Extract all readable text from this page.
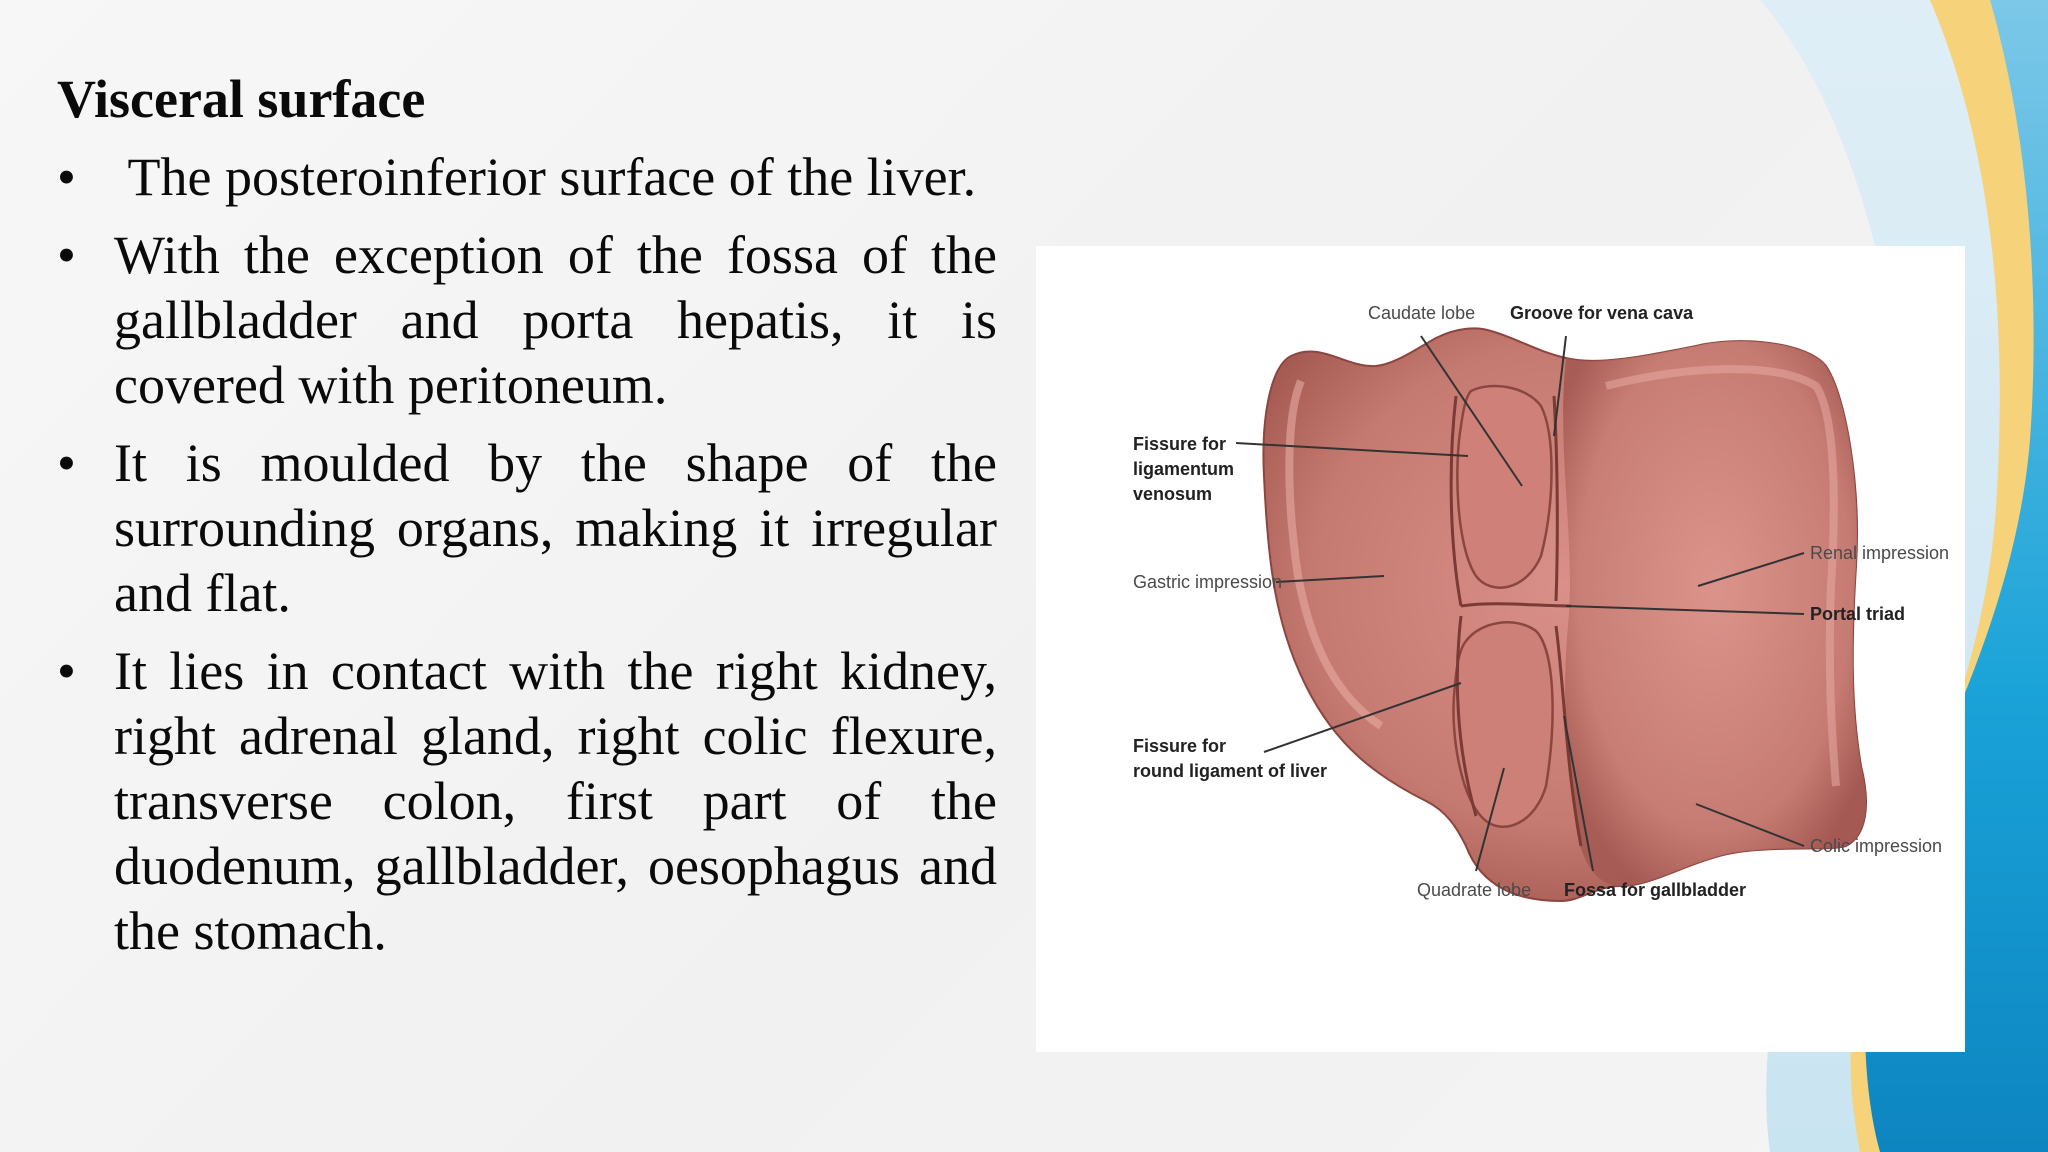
Visceral surface
• The posteroinferior surface of the liver.
• With the exception of the fossa of the gallbladder and porta hepatis, it is covered with peritoneum.
• It is moulded by the shape of the surrounding organs, making it irregular and flat.
• It lies in contact with the right kidney, right adrenal gland, right colic flexure, transverse colon, first part of the duodenum, gallbladder, oesophagus and the stomach.
Caudate lobe Groove for vena cava
Fissure for
ligamentum
venosum
Gastric impression
Renal impression
Portal triad
Fissure for
round ligament of liver
Colic impression
Quadrate lobe Fossa for gallbladder
